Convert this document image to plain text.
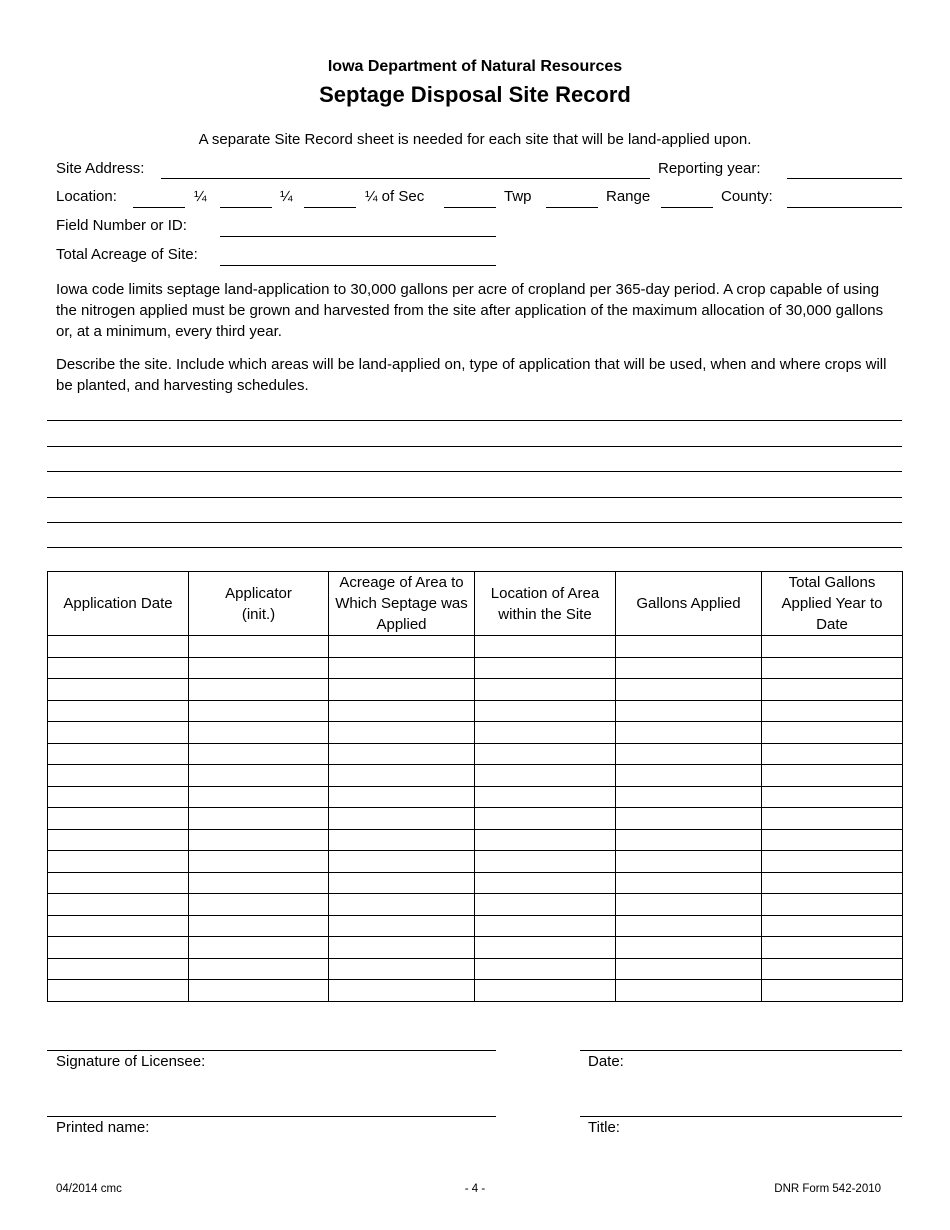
Iowa Department of Natural Resources
Septage Disposal Site Record
A separate Site Record sheet is needed for each site that will be land-applied upon.
Site Address:	Reporting year:
Location:	¼	¼	¼ of Sec	Twp	Range	County:
Field Number or ID:
Total Acreage of Site:
Iowa code limits septage land-application to 30,000 gallons per acre of cropland per 365-day period. A crop capable of using the nitrogen applied must be grown and harvested from the site after application of the maximum allocation of 30,000 gallons or, at a minimum, every third year.
Describe the site. Include which areas will be land-applied on, type of application that will be used, when and where crops will be planted, and harvesting schedules.
Application Date	Applicator (init.)	Acreage of Area to Which Septage was Applied	Location of Area within the Site	Gallons Applied	Total Gallons Applied Year to Date

Signature of Licensee:	Date:
Printed name:	Title:
04/2014 cmc	- 4 -	DNR Form 542-2010
